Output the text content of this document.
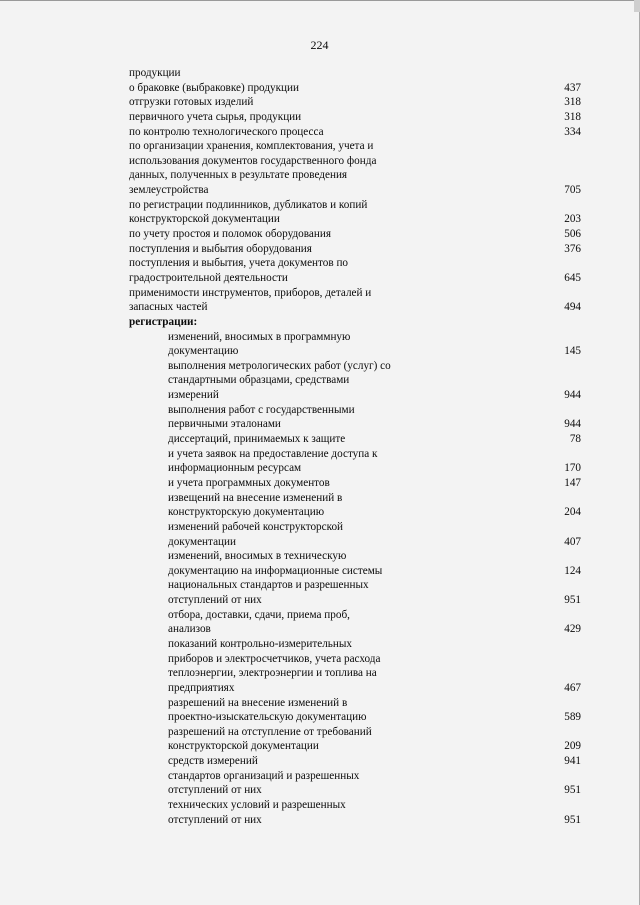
224
продукции
о браковке (выбраковке) продукции	437
отгрузки готовых изделий	318
первичного учета сырья, продукции	318
по контролю технологического процесса	334
по организации хранения, комплектования, учета и
использования документов государственного фонда
данных, полученных в результате проведения
землеустройства	705
по регистрации подлинников, дубликатов и копий
конструкторской документации	203
по учету простоя и поломок оборудования	506
поступления и выбытия оборудования	376
поступления и выбытия, учета документов по
градостроительной деятельности	645
применимости инструментов, приборов, деталей и
запасных частей	494
регистрации:
изменений, вносимых в программную
документацию	145
выполнения метрологических работ (услуг) со
стандартными образцами, средствами
измерений	944
выполнения работ с государственными
первичными эталонами	944
диссертаций, принимаемых к защите	78
и учета заявок на предоставление доступа к
информационным ресурсам	170
и учета программных документов	147
извещений на внесение изменений в
конструкторскую документацию	204
изменений рабочей конструкторской
документации	407
изменений, вносимых в техническую
документацию на информационные системы	124
национальных стандартов и разрешенных
отступлений от них	951
отбора, доставки, сдачи, приема проб,
анализов	429
показаний контрольно-измерительных
приборов и электросчетчиков, учета расхода
теплоэнергии, электроэнергии и топлива на
предприятиях	467
разрешений на внесение изменений в
проектно-изыскательскую документацию	589
разрешений на отступление от требований
конструкторской документации	209
средств измерений	941
стандартов организаций и разрешенных
отступлений от них	951
технических условий и разрешенных
отступлений от них	951
